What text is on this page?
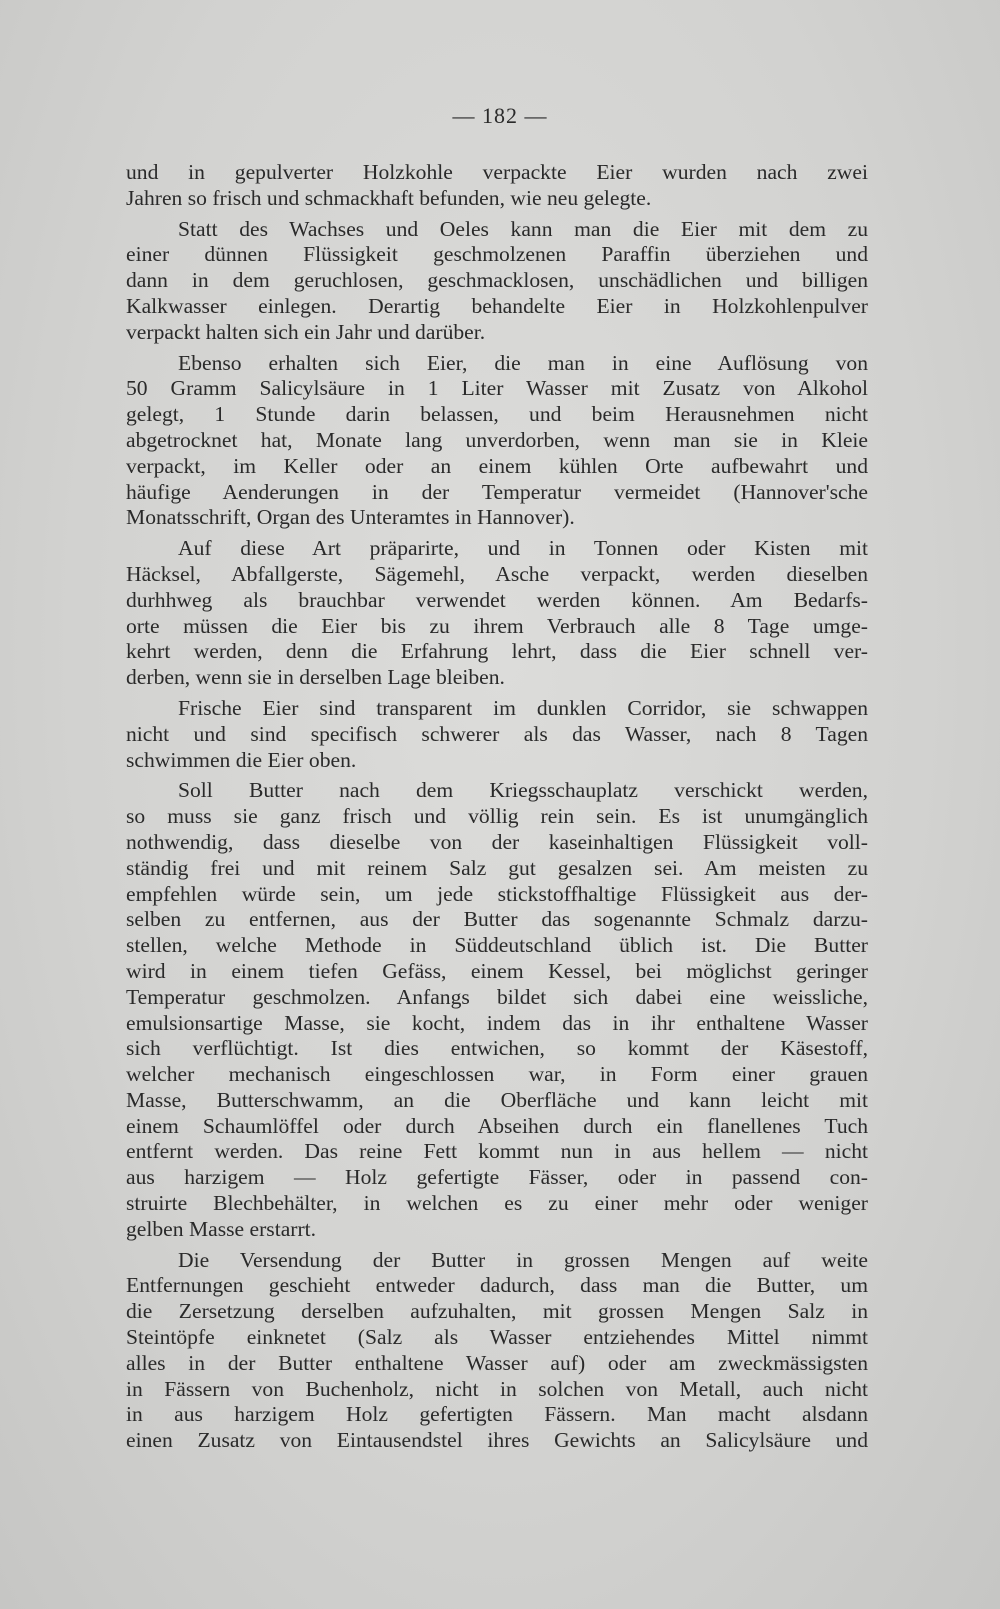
— 182 —
und in gepulverter Holzkohle verpackte Eier wurden nach zwei
Jahren so frisch und schmackhaft befunden, wie neu gelegte.
Statt des Wachses und Oeles kann man die Eier mit dem zu
einer dünnen Flüssigkeit geschmolzenen Paraffin überziehen und
dann in dem geruchlosen, geschmacklosen, unschädlichen und billigen
Kalkwasser einlegen. Derartig behandelte Eier in Holzkohlenpulver
verpackt halten sich ein Jahr und darüber.
Ebenso erhalten sich Eier, die man in eine Auflösung von
50 Gramm Salicylsäure in 1 Liter Wasser mit Zusatz von Alkohol
gelegt, 1 Stunde darin belassen, und beim Herausnehmen nicht
abgetrocknet hat, Monate lang unverdorben, wenn man sie in Kleie
verpackt, im Keller oder an einem kühlen Orte aufbewahrt und
häufige Aenderungen in der Temperatur vermeidet (Hannover'sche
Monatsschrift, Organ des Unteramtes in Hannover).
Auf diese Art präparirte, und in Tonnen oder Kisten mit
Häcksel, Abfallgerste, Sägemehl, Asche verpackt, werden dieselben
durhhweg als brauchbar verwendet werden können. Am Bedarfs-
orte müssen die Eier bis zu ihrem Verbrauch alle 8 Tage umge-
kehrt werden, denn die Erfahrung lehrt, dass die Eier schnell ver-
derben, wenn sie in derselben Lage bleiben.
Frische Eier sind transparent im dunklen Corridor, sie schwappen
nicht und sind specifisch schwerer als das Wasser, nach 8 Tagen
schwimmen die Eier oben.
Soll Butter nach dem Kriegsschauplatz verschickt werden,
so muss sie ganz frisch und völlig rein sein. Es ist unumgänglich
nothwendig, dass dieselbe von der kaseinhaltigen Flüssigkeit voll-
ständig frei und mit reinem Salz gut gesalzen sei. Am meisten zu
empfehlen würde sein, um jede stickstoffhaltige Flüssigkeit aus der-
selben zu entfernen, aus der Butter das sogenannte Schmalz darzu-
stellen, welche Methode in Süddeutschland üblich ist. Die Butter
wird in einem tiefen Gefäss, einem Kessel, bei möglichst geringer
Temperatur geschmolzen. Anfangs bildet sich dabei eine weissliche,
emulsionsartige Masse, sie kocht, indem das in ihr enthaltene Wasser
sich verflüchtigt. Ist dies entwichen, so kommt der Käsestoff,
welcher mechanisch eingeschlossen war, in Form einer grauen
Masse, Butterschwamm, an die Oberfläche und kann leicht mit
einem Schaumlöffel oder durch Abseihen durch ein flanellenes Tuch
entfernt werden. Das reine Fett kommt nun in aus hellem — nicht
aus harzigem — Holz gefertigte Fässer, oder in passend con-
struirte Blechbehälter, in welchen es zu einer mehr oder weniger
gelben Masse erstarrt.
Die Versendung der Butter in grossen Mengen auf weite
Entfernungen geschieht entweder dadurch, dass man die Butter, um
die Zersetzung derselben aufzuhalten, mit grossen Mengen Salz in
Steintöpfe einknetet (Salz als Wasser entziehendes Mittel nimmt
alles in der Butter enthaltene Wasser auf) oder am zweckmässigsten
in Fässern von Buchenholz, nicht in solchen von Metall, auch nicht
in aus harzigem Holz gefertigten Fässern. Man macht alsdann
einen Zusatz von Eintausendstel ihres Gewichts an Salicylsäure und
